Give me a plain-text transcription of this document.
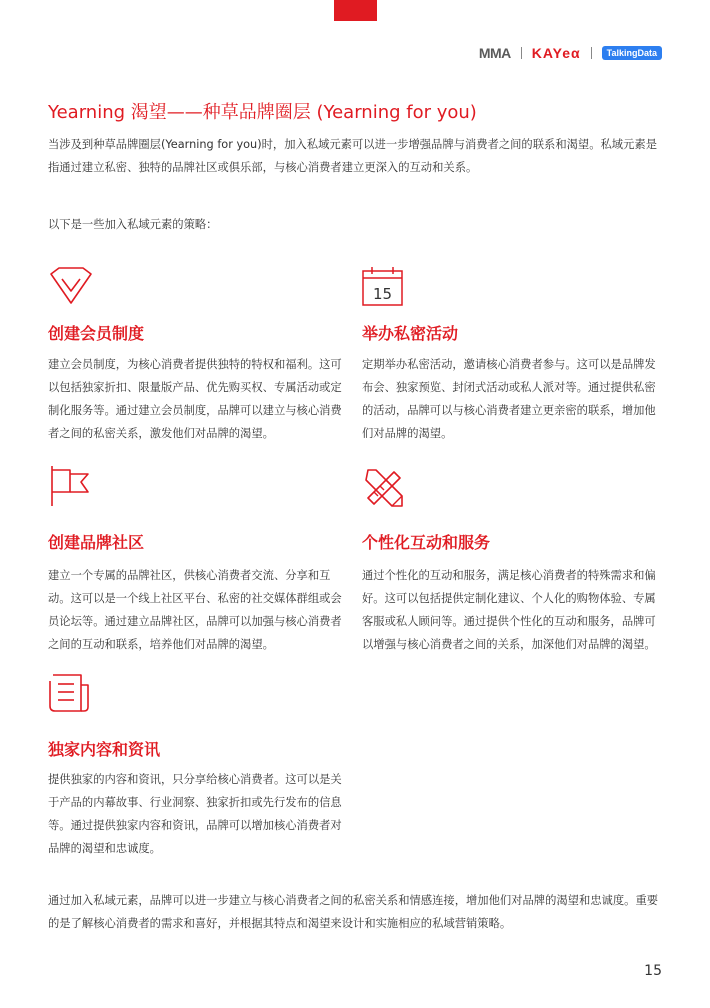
MMA KAYeα	TalkingData
Yearning 渴望——种草品牌圈层 (Yearning for you)
当涉及到种草品牌圈层(Yearning for you)时，加入私域元素可以进一步增强品牌与消费者之间的联系和渴望。私域元素是指通过建立私密、独特的品牌社区或俱乐部，与核心消费者建立更深入的互动和关系。
以下是一些加入私域元素的策略：
创建会员制度
建立会员制度，为核心消费者提供独特的特权和福利。这可以包括独家折扣、限量版产品、优先购买权、专属活动或定制化服务等。通过建立会员制度，品牌可以建立与核心消费者之间的私密关系，激发他们对品牌的渴望。
15
举办私密活动
定期举办私密活动，邀请核心消费者参与。这可以是品牌发布会、独家预览、封闭式活动或私人派对等。通过提供私密的活动，品牌可以与核心消费者建立更亲密的联系，增加他们对品牌的渴望。
创建品牌社区
建立一个专属的品牌社区，供核心消费者交流、分享和互动。这可以是一个线上社区平台、私密的社交媒体群组或会员论坛等。通过建立品牌社区，品牌可以加强与核心消费者之间的互动和联系，培养他们对品牌的渴望。
个性化互动和服务
通过个性化的互动和服务，满足核心消费者的特殊需求和偏好。这可以包括提供定制化建议、个人化的购物体验、专属客服或私人顾问等。通过提供个性化的互动和服务，品牌可以增强与核心消费者之间的关系，加深他们对品牌的渴望。
独家内容和资讯
提供独家的内容和资讯，只分享给核心消费者。这可以是关于产品的内幕故事、行业洞察、独家折扣或先行发布的信息等。通过提供独家内容和资讯，品牌可以增加核心消费者对品牌的渴望和忠诚度。
通过加入私域元素，品牌可以进一步建立与核心消费者之间的私密关系和情感连接，增加他们对品牌的渴望和忠诚度。重要的是了解核心消费者的需求和喜好，并根据其特点和渴望来设计和实施相应的私域营销策略。
15
